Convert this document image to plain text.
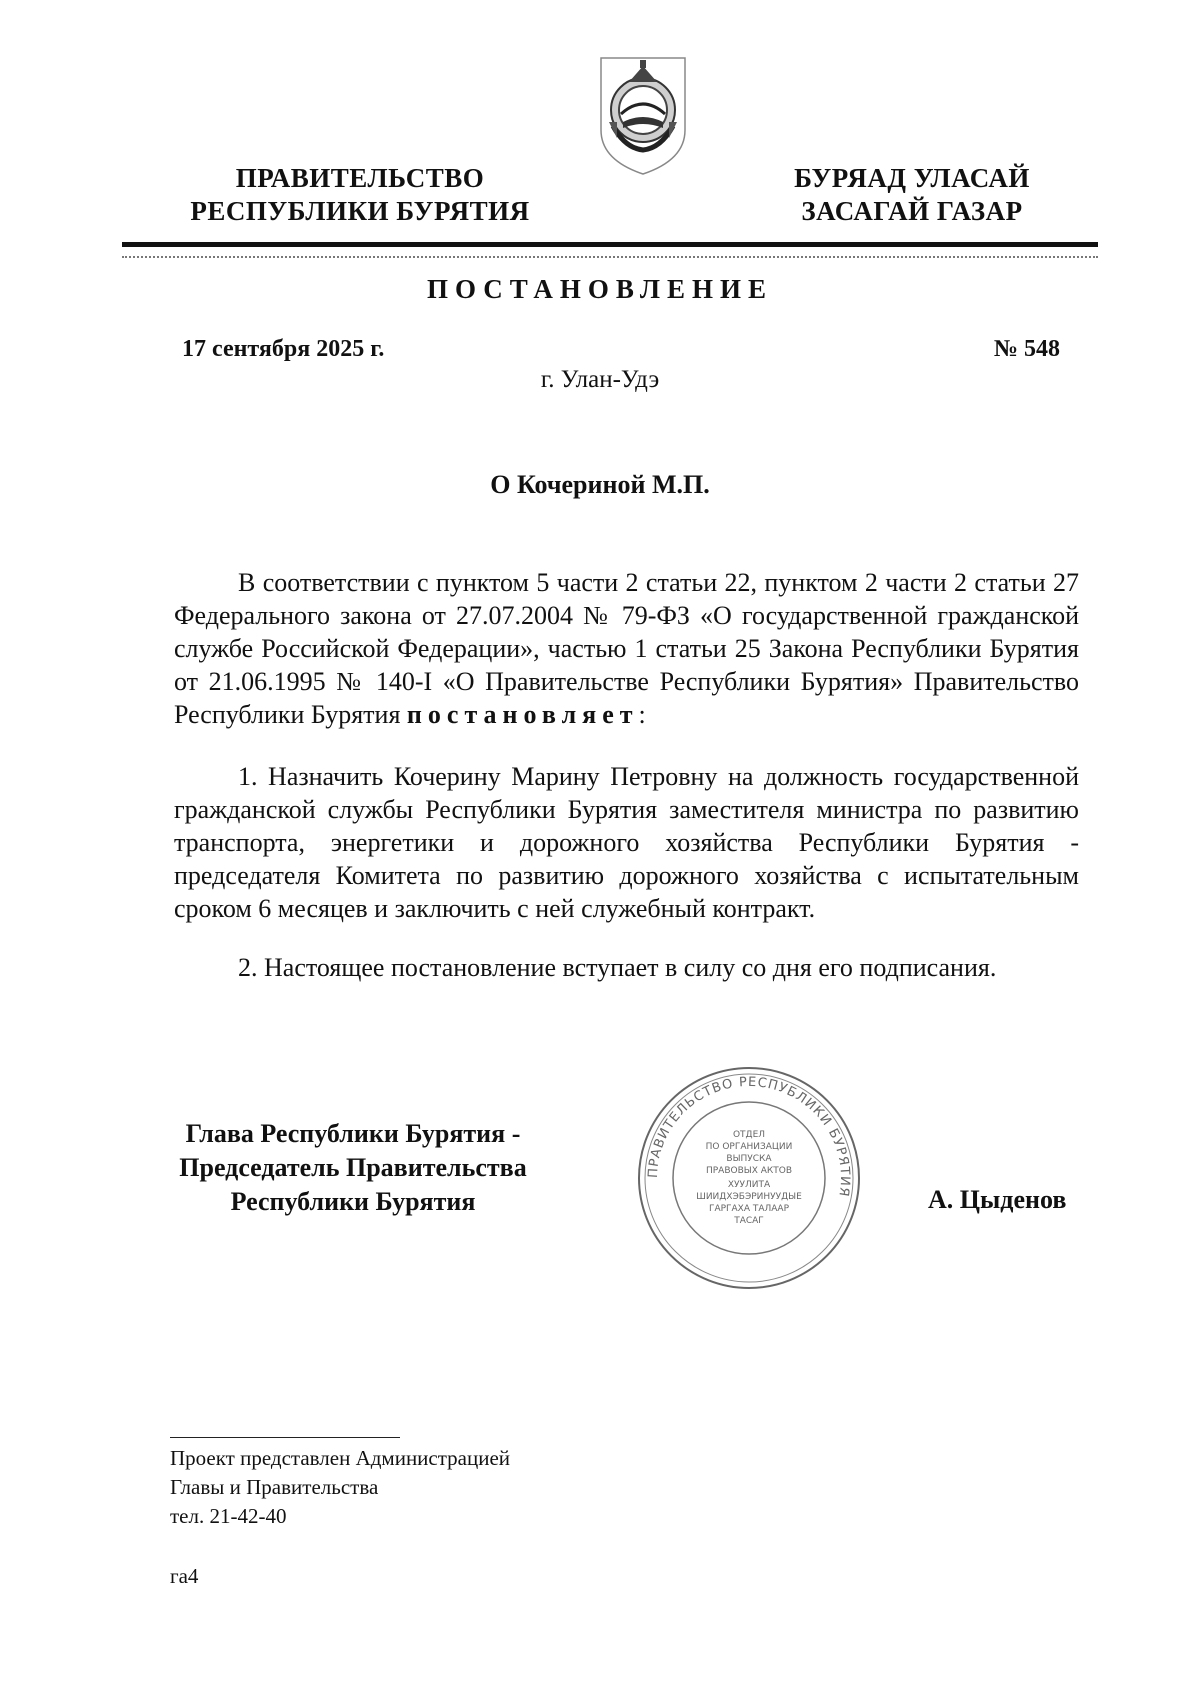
ПРАВИТЕЛЬСТВО
РЕСПУБЛИКИ БУРЯТИЯ
БУРЯАД УЛАСАЙ
ЗАСАГАЙ ГАЗАР
ПОСТАНОВЛЕНИЕ
17 сентября 2025 г.	№ 548
г. Улан-Удэ
О Кочериной М.П.
В соответствии с пунктом 5 части 2 статьи 22, пунктом 2 части 2 статьи 27 Федерального закона от 27.07.2004 № 79-ФЗ «О государственной гражданской службе Российской Федерации», частью 1 статьи 25 Закона Республики Бурятия от 21.06.1995 № 140-I «О Правительстве Республики Бурятия» Правительство Республики Бурятия постановляет:
1. Назначить Кочерину Марину Петровну на должность государственной гражданской службы Республики Бурятия заместителя министра по развитию транспорта, энергетики и дорожного хозяйства Республики Бурятия - председателя Комитета по развитию дорожного хозяйства с испытательным сроком 6 месяцев и заключить с ней служебный контракт.
2. Настоящее постановление вступает в силу со дня его подписания.
Глава Республики Бурятия -
Председатель Правительства
Республики Бурятия
ПРАВИТЕЛЬСТВО РЕСПУБЛИКИ БУРЯТИЯ
ОТДЕЛ
ПО ОРГАНИЗАЦИИ
ВЫПУСКА
ПРАВОВЫХ АКТОВ
ХУУЛИТА
ШИИДХЭБЭРИНУУДЫЕ
ГАРГАХА ТАЛААР
ТАСАГ
А. Цыденов
Проект представлен Администрацией
Главы и Правительства
тел. 21-42-40
га4
